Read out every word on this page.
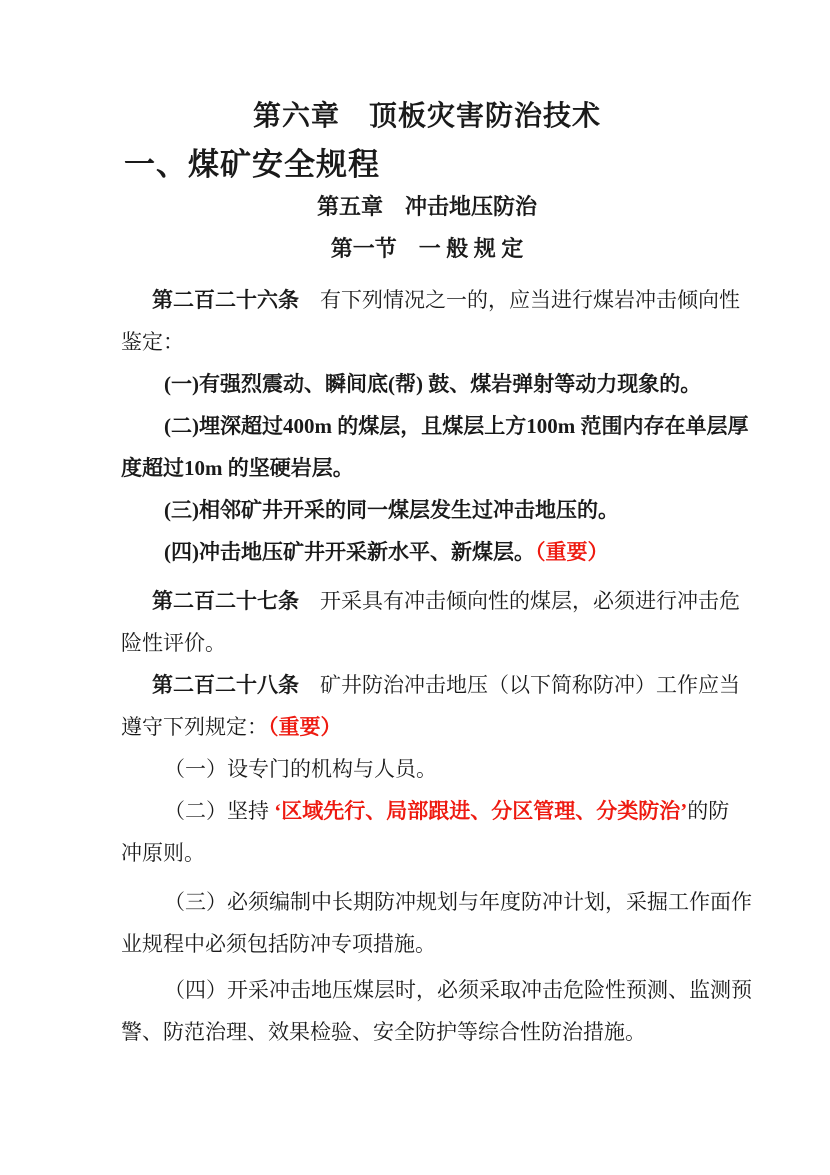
第六章　顶板灾害防治技术
一、煤矿安全规程
第五章　冲击地压防治
第一节　一 般 规 定
第二百二十六条　有下列情况之一的，应当进行煤岩冲击倾向性
鉴定：
(一)有强烈震动、瞬间底(帮) 鼓、煤岩弹射等动力现象的。
(二)埋深超过400m 的煤层，且煤层上方100m 范围内存在单层厚
度超过10m 的坚硬岩层。
(三)相邻矿井开采的同一煤层发生过冲击地压的。
(四)冲击地压矿井开采新水平、新煤层。（重要）
第二百二十七条　开采具有冲击倾向性的煤层，必须进行冲击危
险性评价。
第二百二十八条　矿井防治冲击地压（以下简称防冲）工作应当
遵守下列规定：（重要）
（一）设专门的机构与人员。
（二）坚持 ‘区域先行、局部跟进、分区管理、分类防治’的防
冲原则。
（三）必须编制中长期防冲规划与年度防冲计划，采掘工作面作
业规程中必须包括防冲专项措施。
（四）开采冲击地压煤层时，必须采取冲击危险性预测、监测预
警、防范治理、效果检验、安全防护等综合性防治措施。
